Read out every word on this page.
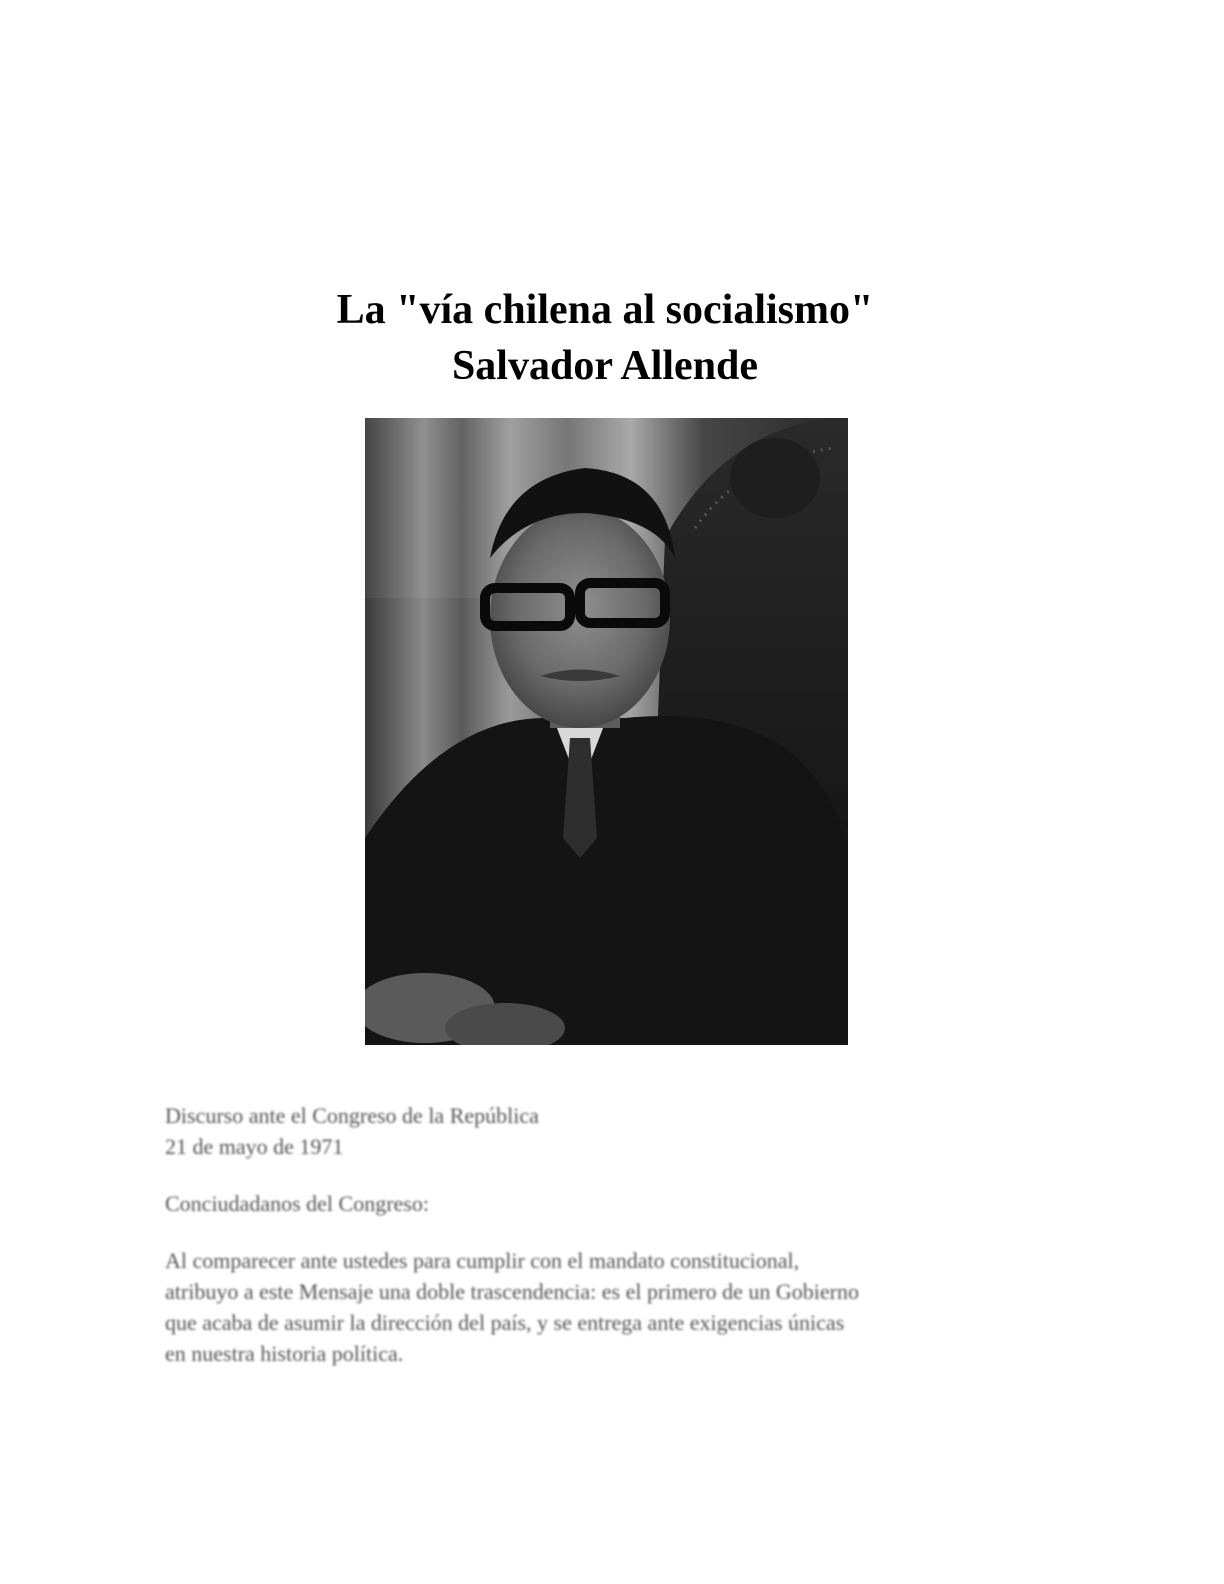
La "vía chilena al socialismo"
Salvador Allende

Discurso ante el Congreso de la República
21 de mayo de 1971

Conciudadanos del Congreso:

Al comparecer ante ustedes para cumplir con el mandato constitucional,
atribuyo a este Mensaje una doble trascendencia: es el primero de un Gobierno
que acaba de asumir la dirección del país, y se entrega ante exigencias únicas
en nuestra historia política.
